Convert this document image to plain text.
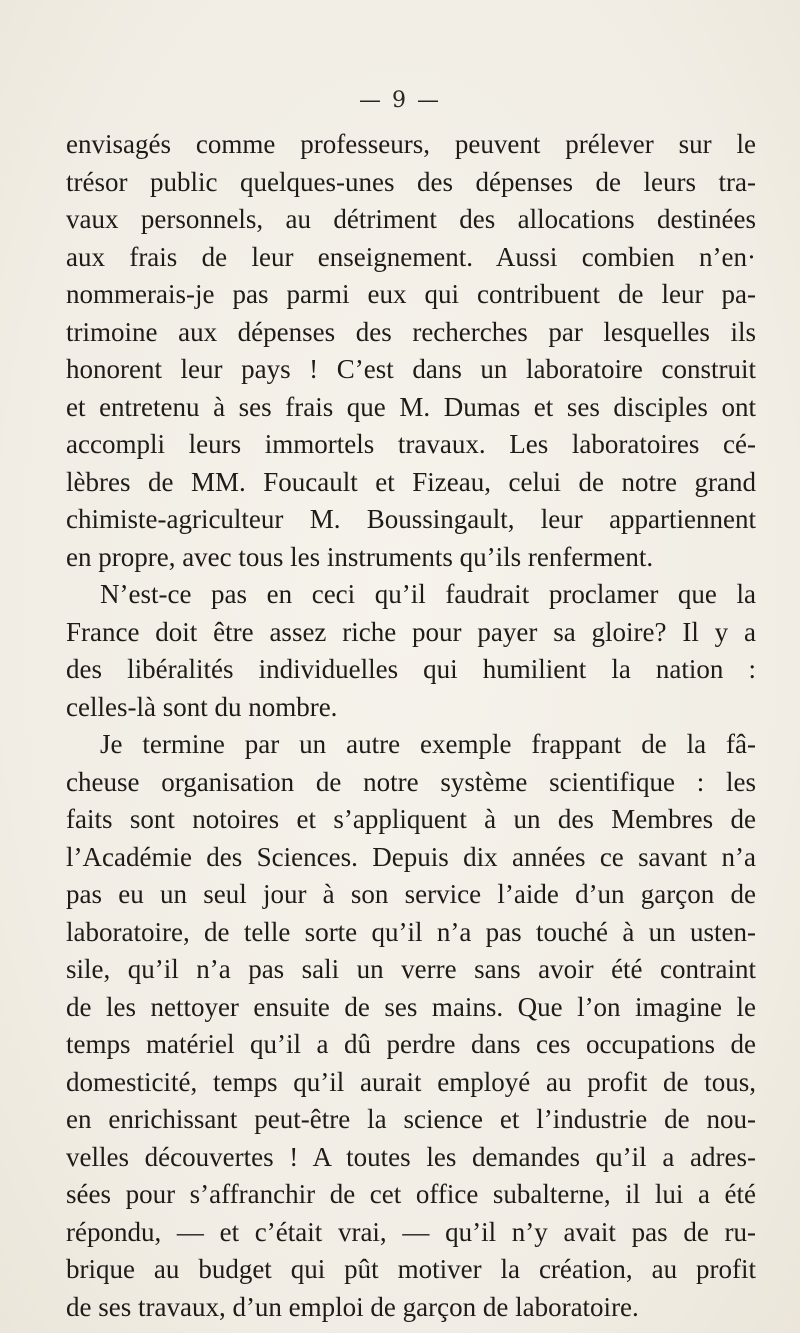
— 9 —
envisagés comme professeurs, peuvent prélever sur le
trésor public quelques-unes des dépenses de leurs tra-
vaux personnels, au détriment des allocations destinées
aux frais de leur enseignement. Aussi combien n’en·
nommerais-je pas parmi eux qui contribuent de leur pa-
trimoine aux dépenses des recherches par lesquelles ils
honorent leur pays ! C’est dans un laboratoire construit
et entretenu à ses frais que M. Dumas et ses disciples ont
accompli leurs immortels travaux. Les laboratoires cé-
lèbres de MM. Foucault et Fizeau, celui de notre grand
chimiste-agriculteur M. Boussingault, leur appartiennent
en propre, avec tous les instruments qu’ils renferment.
N’est-ce pas en ceci qu’il faudrait proclamer que la
France doit être assez riche pour payer sa gloire? Il y a
des libéralités individuelles qui humilient la nation :
celles-là sont du nombre.
Je termine par un autre exemple frappant de la fâ-
cheuse organisation de notre système scientifique : les
faits sont notoires et s’appliquent à un des Membres de
l’Académie des Sciences. Depuis dix années ce savant n’a
pas eu un seul jour à son service l’aide d’un garçon de
laboratoire, de telle sorte qu’il n’a pas touché à un usten-
sile, qu’il n’a pas sali un verre sans avoir été contraint
de les nettoyer ensuite de ses mains. Que l’on imagine le
temps matériel qu’il a dû perdre dans ces occupations de
domesticité, temps qu’il aurait employé au profit de tous,
en enrichissant peut-être la science et l’industrie de nou-
velles découvertes ! A toutes les demandes qu’il a adres-
sées pour s’affranchir de cet office subalterne, il lui a été
répondu, — et c’était vrai, — qu’il n’y avait pas de ru-
brique au budget qui pût motiver la création, au profit
de ses travaux, d’un emploi de garçon de laboratoire.
